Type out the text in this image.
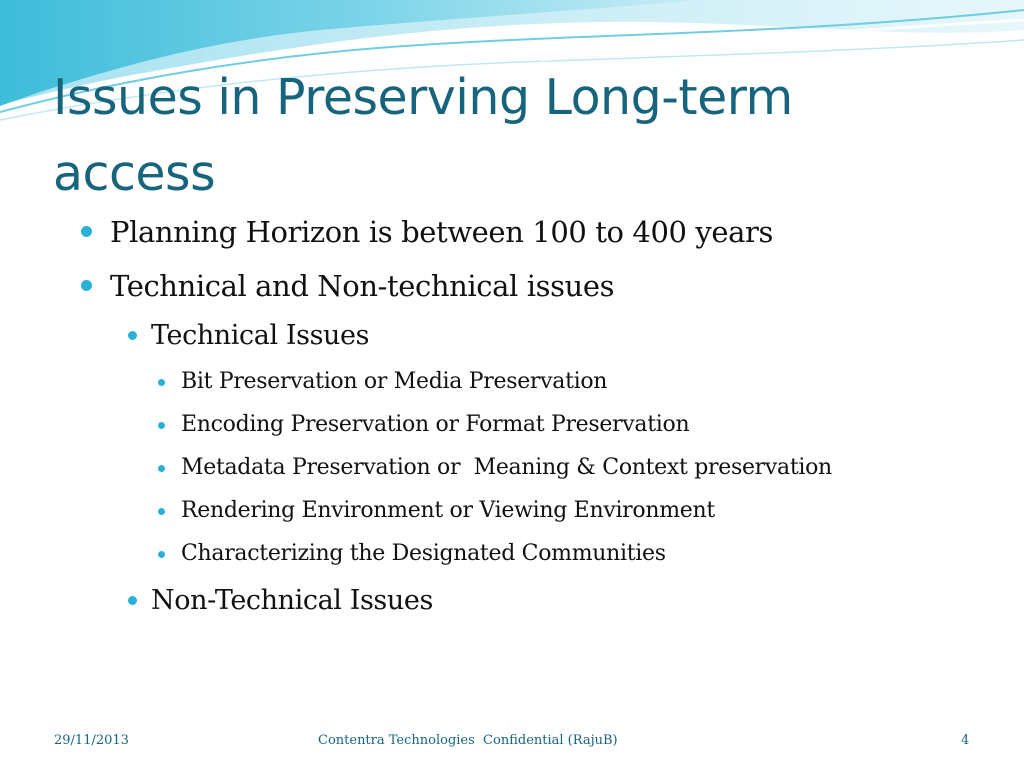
Issues in Preserving Long-term access
Planning Horizon is between 100 to 400 years
Technical and Non-technical issues
Technical Issues
Bit Preservation or Media Preservation
Encoding Preservation or Format Preservation
Metadata Preservation or  Meaning & Context preservation
Rendering Environment or Viewing Environment
Characterizing the Designated Communities
Non-Technical Issues
29/11/2013	Contentra Technologies  Confidential (RajuB)	4
